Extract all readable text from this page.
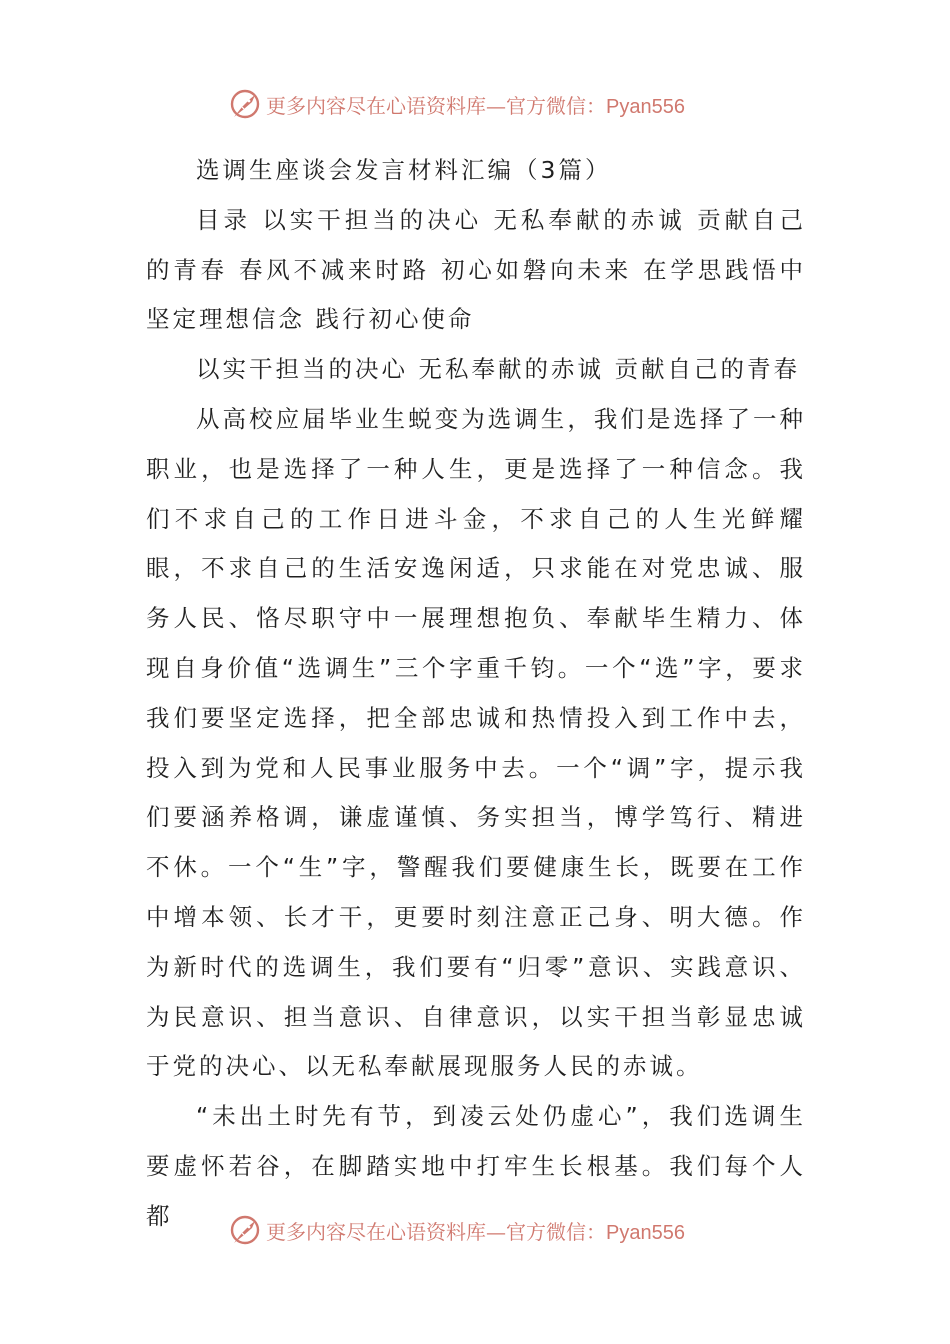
更多内容尽在心语资料库—官方微信：Pyan556

选调生座谈会发言材料汇编（3篇）

目录 以实干担当的决心 无私奉献的赤诚 贡献自己的青春 春风不减来时路 初心如磐向未来 在学思践悟中坚定理想信念 践行初心使命

以实干担当的决心 无私奉献的赤诚 贡献自己的青春

从高校应届毕业生蜕变为选调生，我们是选择了一种职业，也是选择了一种人生，更是选择了一种信念。我们不求自己的工作日进斗金，不求自己的人生光鲜耀眼，不求自己的生活安逸闲适，只求能在对党忠诚、服务人民、恪尽职守中一展理想抱负、奉献毕生精力、体现自身价值“选调生”三个字重千钧。一个“选”字，要求我们要坚定选择，把全部忠诚和热情投入到工作中去，投入到为党和人民事业服务中去。一个“调”字，提示我们要涵养格调，谦虚谨慎、务实担当，博学笃行、精进不休。一个“生”字，警醒我们要健康生长，既要在工作中增本领、长才干，更要时刻注意正己身、明大德。作为新时代的选调生，我们要有“归零”意识、实践意识、为民意识、担当意识、自律意识，以实干担当彰显忠诚于党的决心、以无私奉献展现服务人民的赤诚。

“未出土时先有节，到凌云处仍虚心”，我们选调生要虚怀若谷，在脚踏实地中打牢生长根基。我们每个人都

更多内容尽在心语资料库—官方微信：Pyan556
